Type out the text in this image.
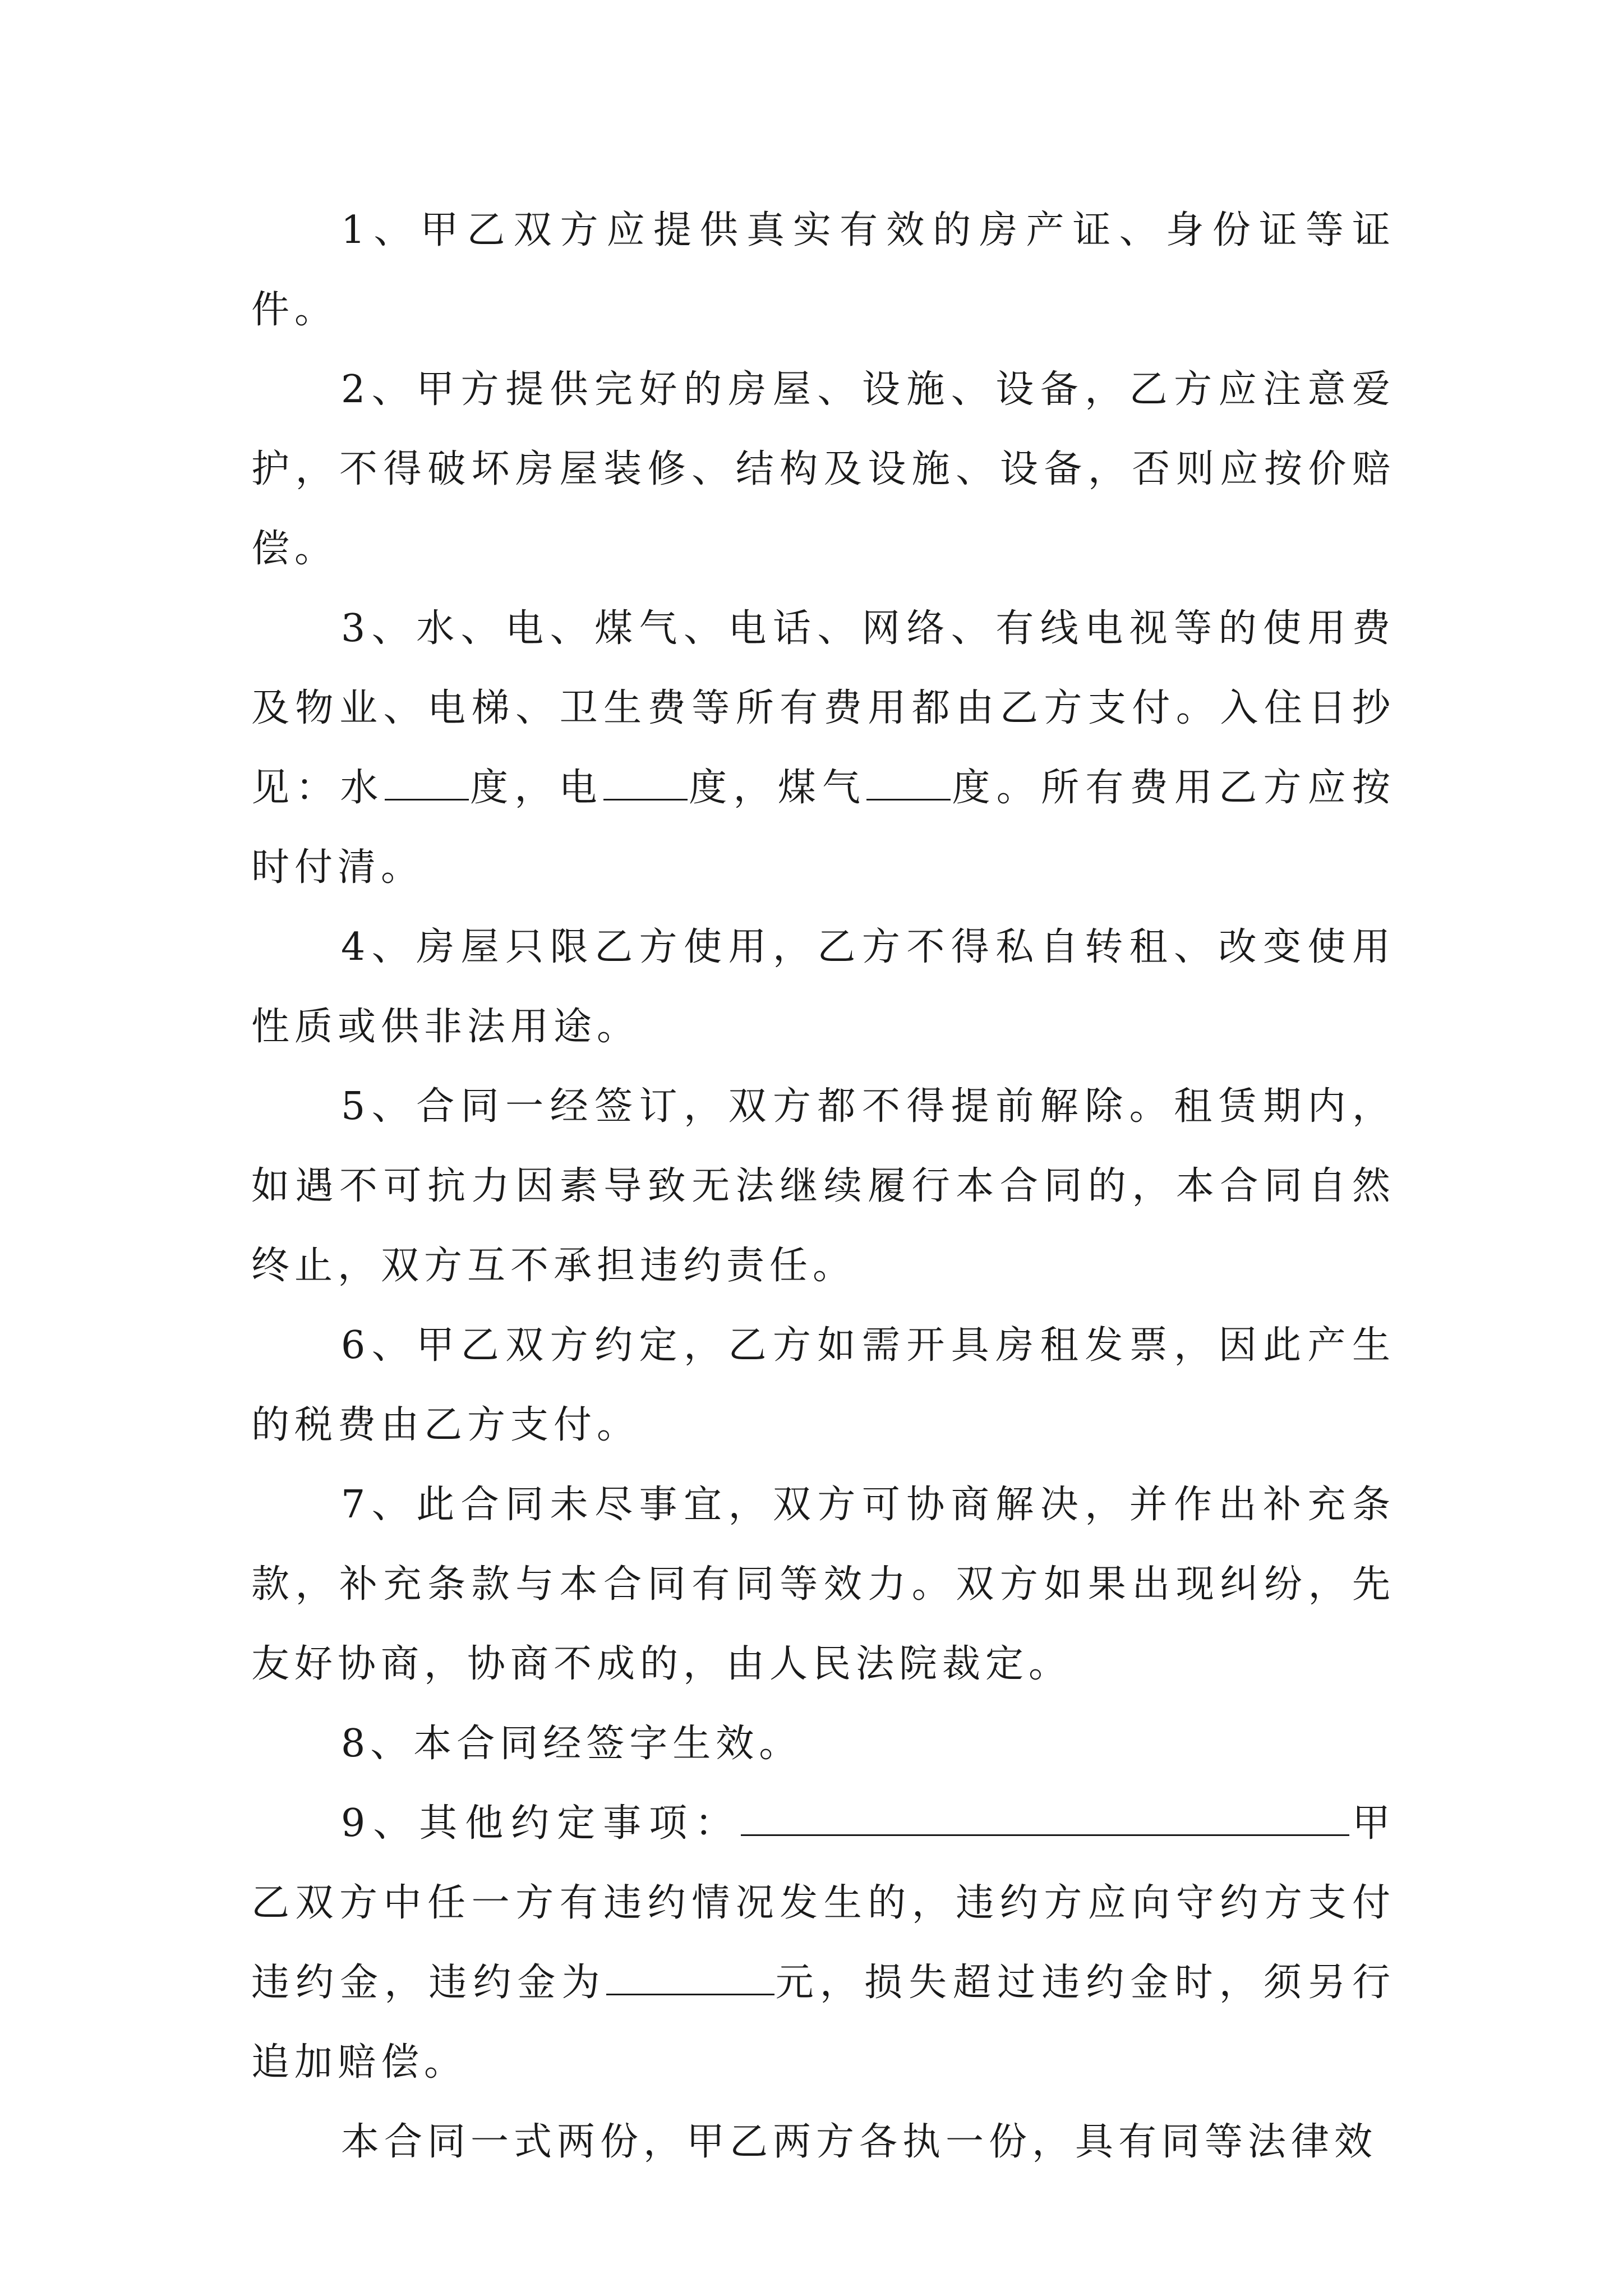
1、甲乙双方应提供真实有效的房产证、身份证等证件。

2、甲方提供完好的房屋、设施、设备，乙方应注意爱护，不得破坏房屋装修、结构及设施、设备，否则应按价赔偿。

3、水、电、煤气、电话、网络、有线电视等的使用费及物业、电梯、卫生费等所有费用都由乙方支付。入住日抄见：水 度，电 度，煤气 度。所有费用乙方应按时付清。

4、房屋只限乙方使用，乙方不得私自转租、改变使用性质或供非法用途。

5、合同一经签订，双方都不得提前解除。租赁期内，如遇不可抗力因素导致无法继续履行本合同的，本合同自然终止，双方互不承担违约责任。

6、甲乙双方约定，乙方如需开具房租发票，因此产生的税费由乙方支付。

7、此合同未尽事宜，双方可协商解决，并作出补充条款，补充条款与本合同有同等效力。双方如果出现纠纷，先友好协商，协商不成的，由人民法院裁定。

8、本合同经签字生效。

9、其他约定事项：	甲乙双方中任一方有违约情况发生的，违约方应向守约方支付违约金，违约金为	元，损失超过违约金时，须另行追加赔偿。

本合同一式两份，甲乙两方各执一份，具有同等法律效
